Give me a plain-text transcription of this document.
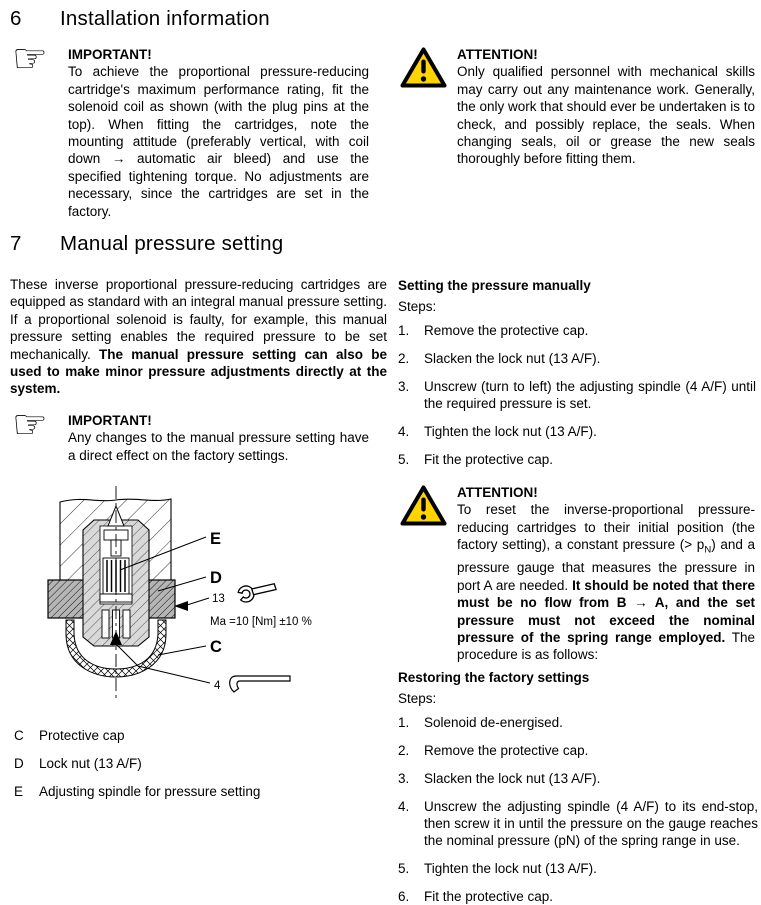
6	Installation information
☞	IMPORTANT!
To achieve the proportional pressure-reducing cartridge's maximum performance rating, fit the solenoid coil as shown (with the plug pins at the top). When fitting the cartridges, note the mounting attitude (preferably vertical, with coil down → automatic air bleed) and use the specified tightening torque. No adjustments are necessary, since the cartridges are set in the factory.
ATTENTION!
Only qualified personnel with mechanical skills may carry out any maintenance work. Generally, the only work that should ever be undertaken is to check, and possibly replace, the seals. When changing seals, oil or grease the new seals thoroughly before fitting them.
7	Manual pressure setting
These inverse proportional pressure-reducing cartridges are equipped as standard with an integral manual pressure setting. If a proportional solenoid is faulty, for example, this manual pressure setting enables the required pressure to be set mechanically. The manual pressure setting can also be used to make minor pressure adjustments directly at the system.
☞	IMPORTANT!
Any changes to the manual pressure setting have a direct effect on the factory settings.
E
D
13
Ma =10 [Nm] ±10 %
C
4
C	Protective cap
D	Lock nut (13 A/F)
E	Adjusting spindle for pressure setting
Setting the pressure manually
Steps:
1.	Remove the protective cap.
2.	Slacken the lock nut (13 A/F).
3.	Unscrew (turn to left) the adjusting spindle (4 A/F) until the required pressure is set.
4.	Tighten the lock nut (13 A/F).
5.	Fit the protective cap.
ATTENTION!
To reset the inverse-proportional pressure-reducing cartridges to their initial position (the factory setting), a constant pressure (> $p_N$) and a pressure gauge that measures the pressure in port A are needed. It should be noted that there must be no flow from B → A, and the set pressure must not exceed the nominal pressure of the spring range employed. The procedure is as follows:
Restoring the factory settings
Steps:
1.	Solenoid de-energised.
2.	Remove the protective cap.
3.	Slacken the lock nut (13 A/F).
4.	Unscrew the adjusting spindle (4 A/F) to its end-stop, then screw it in until the pressure on the gauge reaches the nominal pressure (pN) of the spring range in use.
5.	Tighten the lock nut (13 A/F).
6.	Fit the protective cap.
